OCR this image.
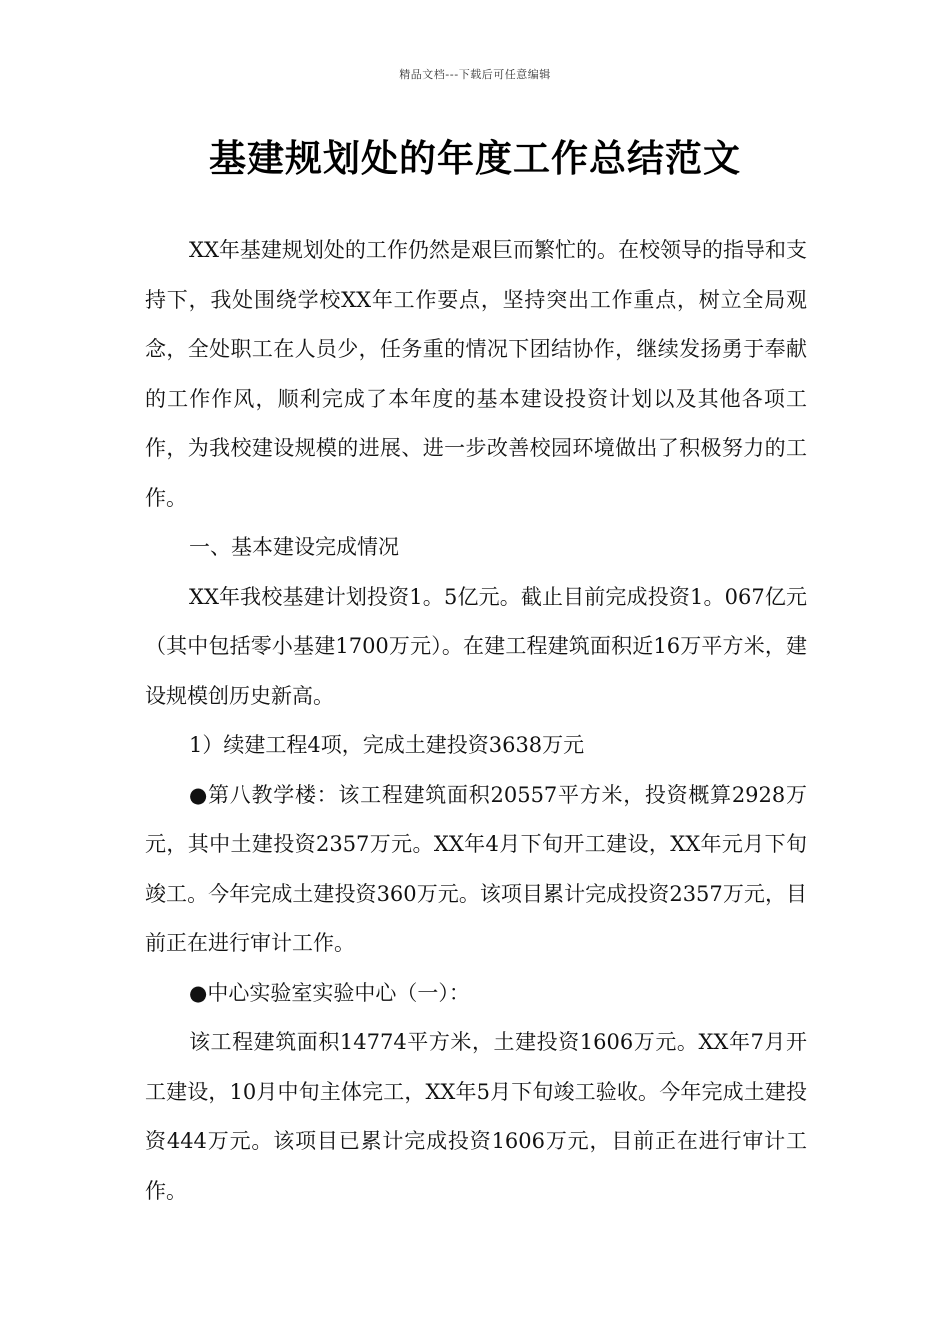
精品文档---下载后可任意编辑
基建规划处的年度工作总结范文

XX年基建规划处的工作仍然是艰巨而繁忙的。在校领导的指导和支持下，我处围绕学校XX年工作要点，坚持突出工作重点，树立全局观念，全处职工在人员少，任务重的情况下团结协作，继续发扬勇于奉献的工作作风，顺利完成了本年度的基本建设投资计划以及其他各项工作，为我校建设规模的进展、进一步改善校园环境做出了积极努力的工作。

一、基本建设完成情况

XX年我校基建计划投资1。5亿元。截止目前完成投资1。067亿元（其中包括零小基建1700万元）。在建工程建筑面积近16万平方米，建设规模创历史新高。

1）续建工程4项，完成土建投资3638万元

●第八教学楼：该工程建筑面积20557平方米，投资概算2928万元，其中土建投资2357万元。XX年4月下旬开工建设，XX年元月下旬竣工。今年完成土建投资360万元。该项目累计完成投资2357万元，目前正在进行审计工作。

●中心实验室实验中心（一）：

该工程建筑面积14774平方米，土建投资1606万元。XX年7月开工建设，10月中旬主体完工，XX年5月下旬竣工验收。今年完成土建投资444万元。该项目已累计完成投资1606万元，目前正在进行审计工作。
